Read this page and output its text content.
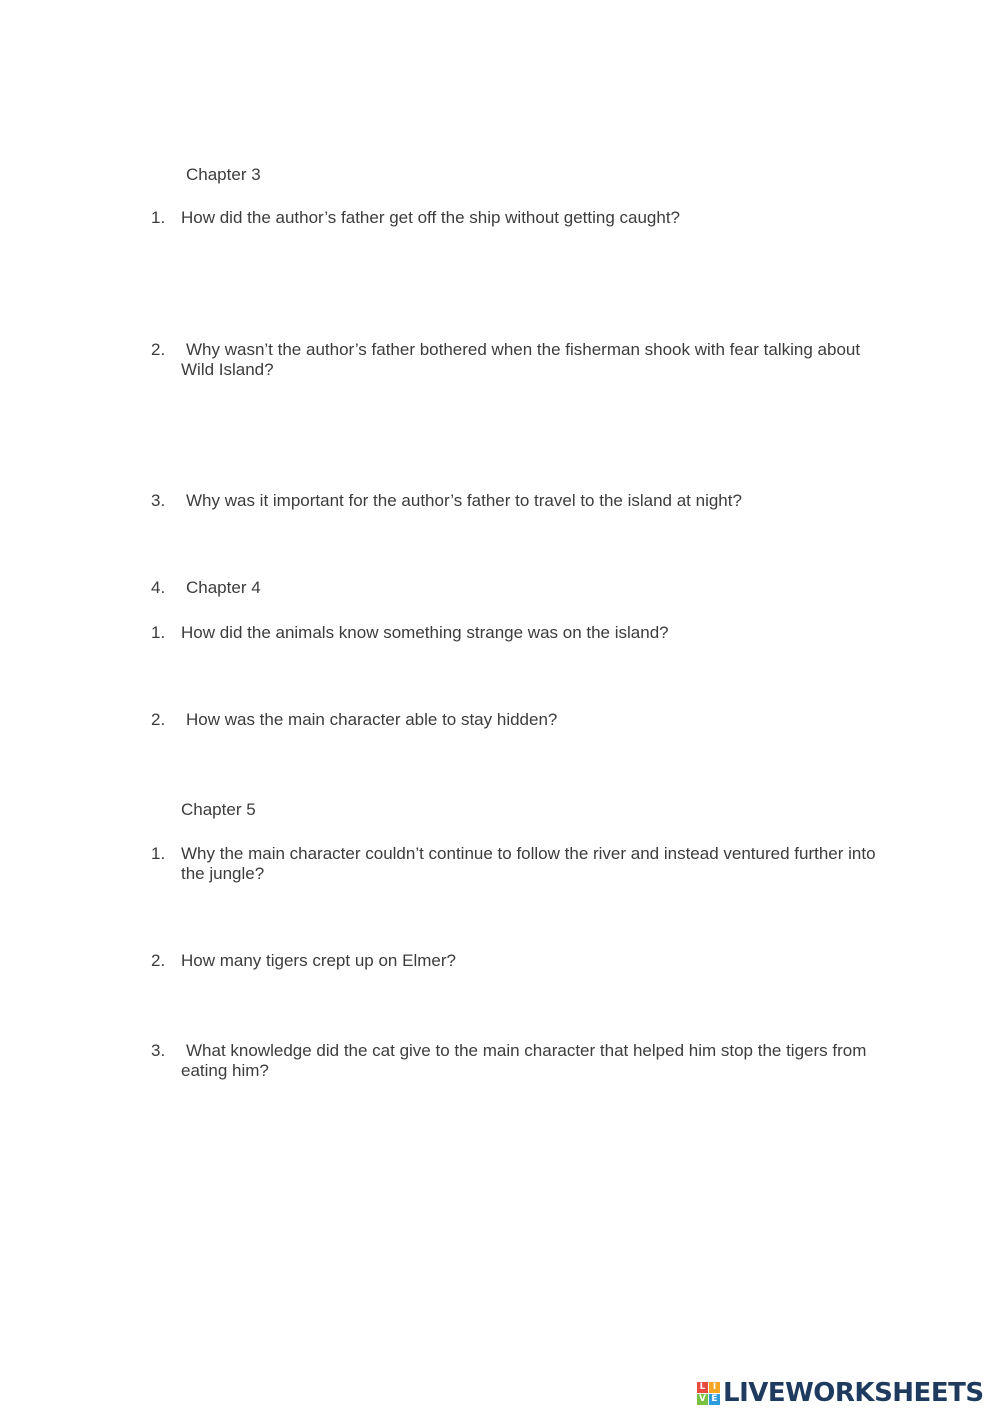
Chapter 3
1. How did the author’s father get off the ship without getting caught?
2. Why wasn’t the author’s father bothered when the fisherman shook with fear talking about Wild Island?
3. Why was it important for the author’s father to travel to the island at night?
4. Chapter 4
1. How did the animals know something strange was on the island?
2. How was the main character able to stay hidden?
Chapter 5
1. Why the main character couldn’t continue to follow the river and instead ventured further into the jungle?
2. How many tigers crept up on Elmer?
3. What knowledge did the cat give to the main character that helped him stop the tigers from eating him?
L I
V E LIVEWORKSHEETS
